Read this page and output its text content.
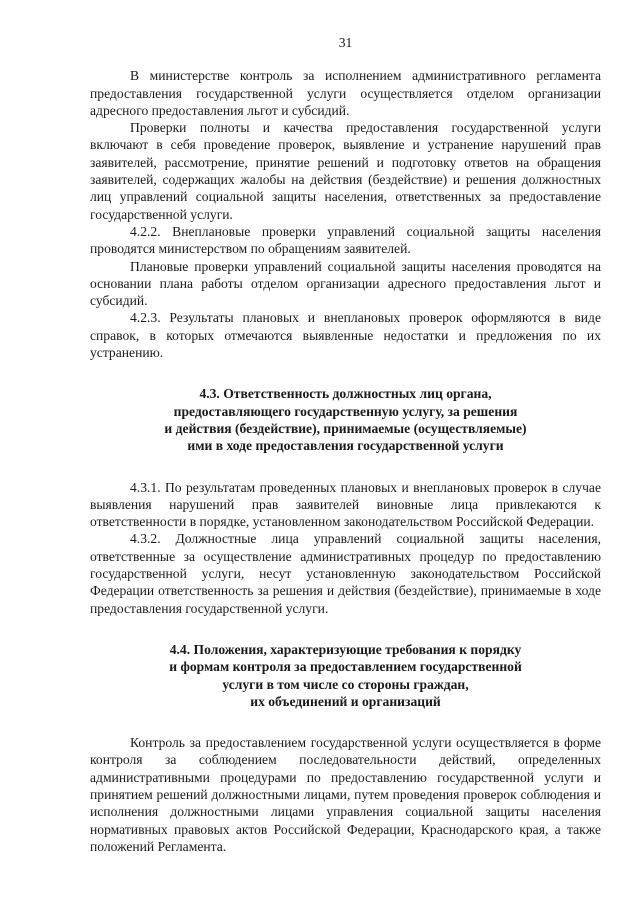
31

В министерстве контроль за исполнением административного регламента предоставления государственной услуги осуществляется отделом организации адресного предоставления льгот и субсидий.

Проверки полноты и качества предоставления государственной услуги включают в себя проведение проверок, выявление и устранение нарушений прав заявителей, рассмотрение, принятие решений и подготовку ответов на обращения заявителей, содержащих жалобы на действия (бездействие) и решения должностных лиц управлений социальной защиты населения, ответственных за предоставление государственной услуги.

4.2.2. Внеплановые проверки управлений социальной защиты населения проводятся министерством по обращениям заявителей.

Плановые проверки управлений социальной защиты населения проводятся на основании плана работы отделом организации адресного предоставления льгот и субсидий.

4.2.3. Результаты плановых и внеплановых проверок оформляются в виде справок, в которых отмечаются выявленные недостатки и предложения по их устранению.

4.3. Ответственность должностных лиц органа,
предоставляющего государственную услугу, за решения
и действия (бездействие), принимаемые (осуществляемые)
ими в ходе предоставления государственной услуги

4.3.1. По результатам проведенных плановых и внеплановых проверок в случае выявления нарушений прав заявителей виновные лица привлекаются к ответственности в порядке, установленном законодательством Российской Федерации.

4.3.2. Должностные лица управлений социальной защиты населения, ответственные за осуществление административных процедур по предоставлению государственной услуги, несут установленную законодательством Российской Федерации ответственность за решения и действия (бездействие), принимаемые в ходе предоставления государственной услуги.

4.4. Положения, характеризующие требования к порядку
и формам контроля за предоставлением государственной
услуги в том числе со стороны граждан,
их объединений и организаций

Контроль за предоставлением государственной услуги осуществляется в форме контроля за соблюдением последовательности действий, определенных административными процедурами по предоставлению государственной услуги и принятием решений должностными лицами, путем проведения проверок соблюдения и исполнения должностными лицами управления социальной защиты населения нормативных правовых актов Российской Федерации, Краснодарского края, а также положений Регламента.
